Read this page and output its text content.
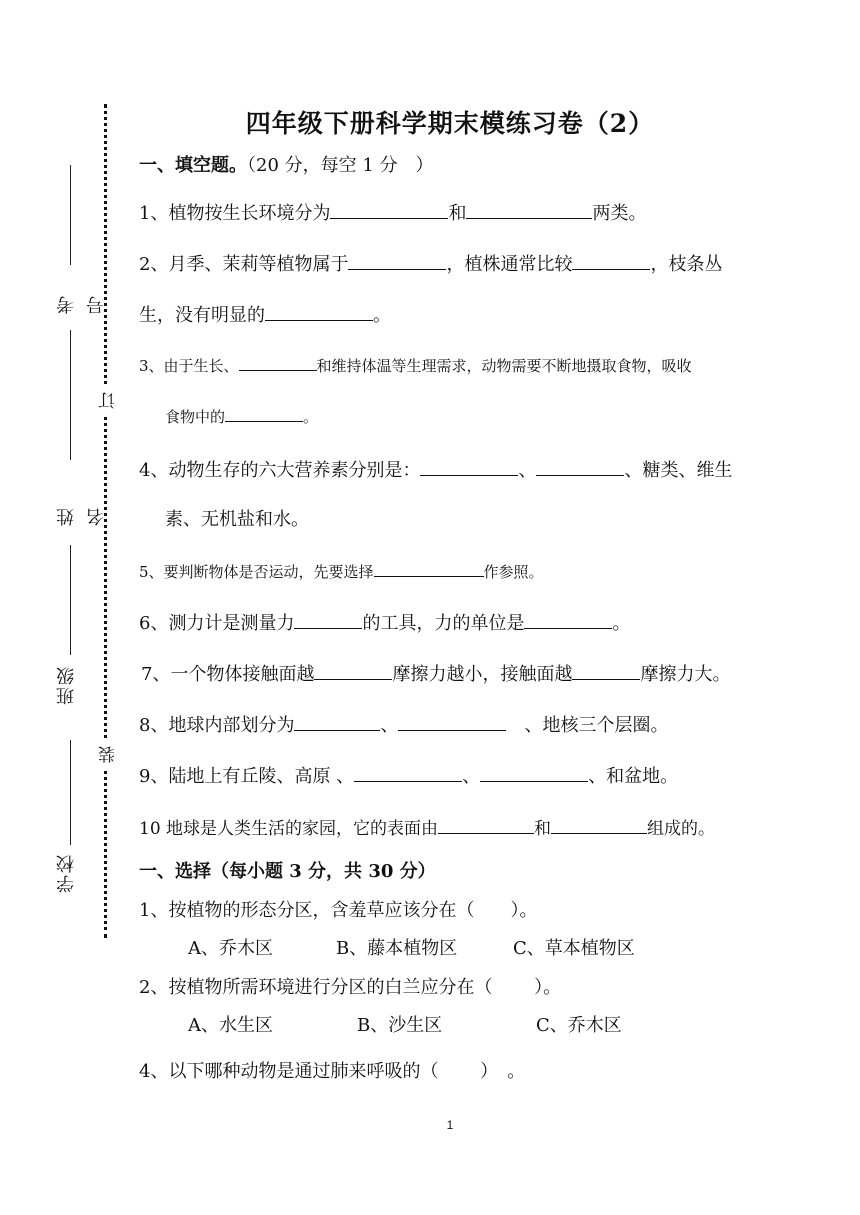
考 号
姓 名
班级
学校
订
装
四年级下册科学期末模练习卷（2）
一、填空题。（20 分，每空 1 分　）
1、植物按生长环境分为	和	两类。
2、月季、茉莉等植物属于	，植株通常比较	，枝条丛
生，没有明显的	。
3、由于生长、	和维持体温等生理需求，动物需要不断地摄取食物，吸收
食物中的	。
4、动物生存的六大营养素分别是：	、	、糖类、维生
素、无机盐和水。
5、要判断物体是否运动，先要选择	作参照。
6、测力计是测量力	的工具，力的单位是	。
7、一个物体接触面越	摩擦力越小，接触面越	摩擦力大。
8、地球内部划分为	、	　、地核三个层圈。
9、陆地上有丘陵、高原 、	、	、和盆地。
10 地球是人类生活的家园，它的表面由	和	组成的。
一、选择（每小题 3 分，共 30 分）
1、按植物的形态分区，含羞草应该分在（　　）。
A、乔木区	B、藤本植物区	C、草本植物区
2、按植物所需环境进行分区的白兰应分在（　　 ）。
A、水生区	B、沙生区	C、乔木区
4、以下哪种动物是通过肺来呼吸的（　　 ）　。
1
